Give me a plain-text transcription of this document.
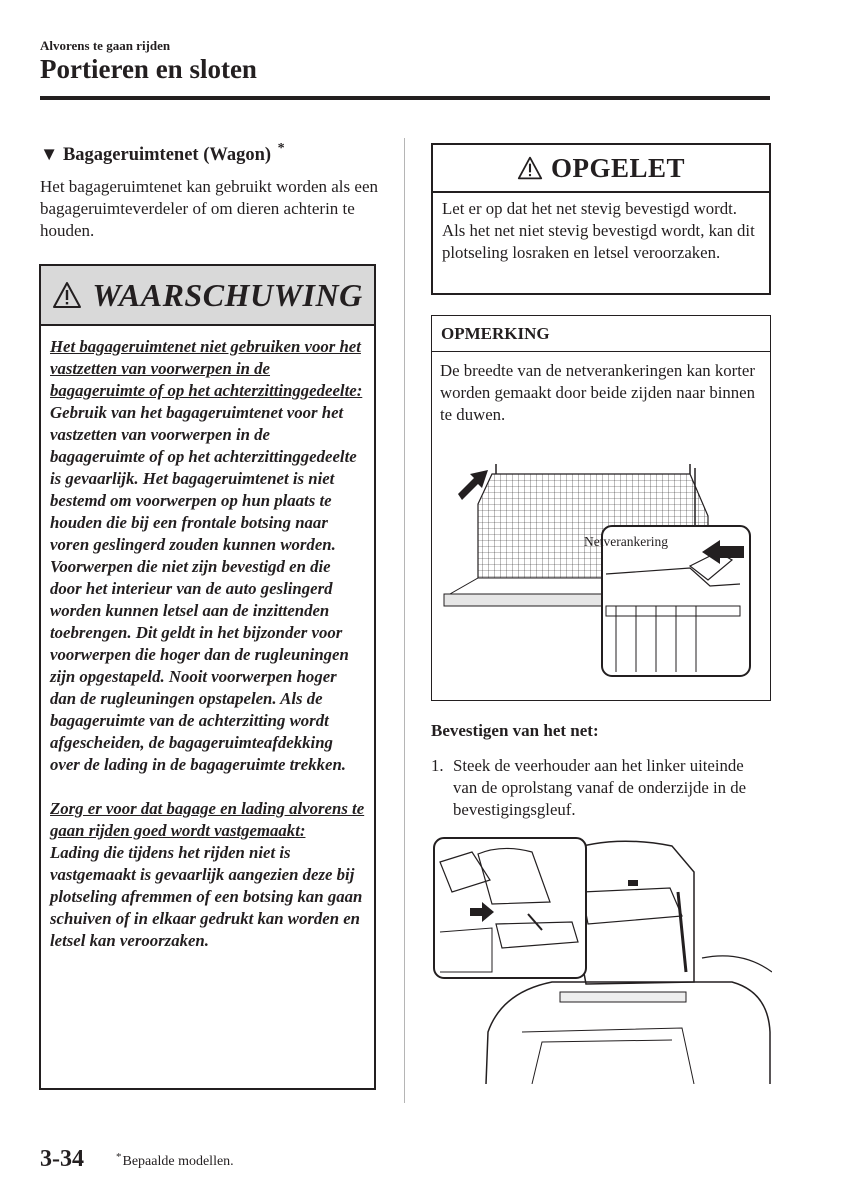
Alvorens te gaan rijden
Portieren en sloten
▼ Bagageruimtenet (Wagon) *
Het bagageruimtenet kan gebruikt worden als een bagageruimteverdeler of om dieren achterin te houden.
WAARSCHUWING

Het bagageruimtenet niet gebruiken voor het vastzetten van voorwerpen in de bagageruimte of op het achterzittinggedeelte:

Gebruik van het bagageruimtenet voor het vastzetten van voorwerpen in de bagageruimte of op het achterzittinggedeelte is gevaarlijk. Het bagageruimtenet is niet bestemd om voorwerpen op hun plaats te houden die bij een frontale botsing naar voren geslingerd zouden kunnen worden. Voorwerpen die niet zijn bevestigd en die door het interieur van de auto geslingerd worden kunnen letsel aan de inzittenden toebrengen. Dit geldt in het bijzonder voor voorwerpen die hoger dan de rugleuningen zijn opgestapeld. Nooit voorwerpen hoger dan de rugleuningen opstapelen. Als de bagageruimte van de achterzitting wordt afgescheiden, de bagageruimteafdekking over de lading in de bagageruimte trekken.

Zorg er voor dat bagage en lading alvorens te gaan rijden goed wordt vastgemaakt:

Lading die tijdens het rijden niet is vastgemaakt is gevaarlijk aangezien deze bij plotseling afremmen of een botsing kan gaan schuiven of in elkaar gedrukt kan worden en letsel kan veroorzaken.

OPGELET
Let er op dat het net stevig bevestigd wordt. Als het net niet stevig bevestigd wordt, kan dit plotseling losraken en letsel veroorzaken.
OPMERKING
De breedte van de netverankeringen kan korter worden gemaakt door beide zijden naar binnen te duwen.
Netverankering
Bevestigen van het net:
1. Steek de veerhouder aan het linker uiteinde van de oprolstang vanaf de onderzijde in de bevestigingsgleuf.
3-34	*Bepaalde modellen.
